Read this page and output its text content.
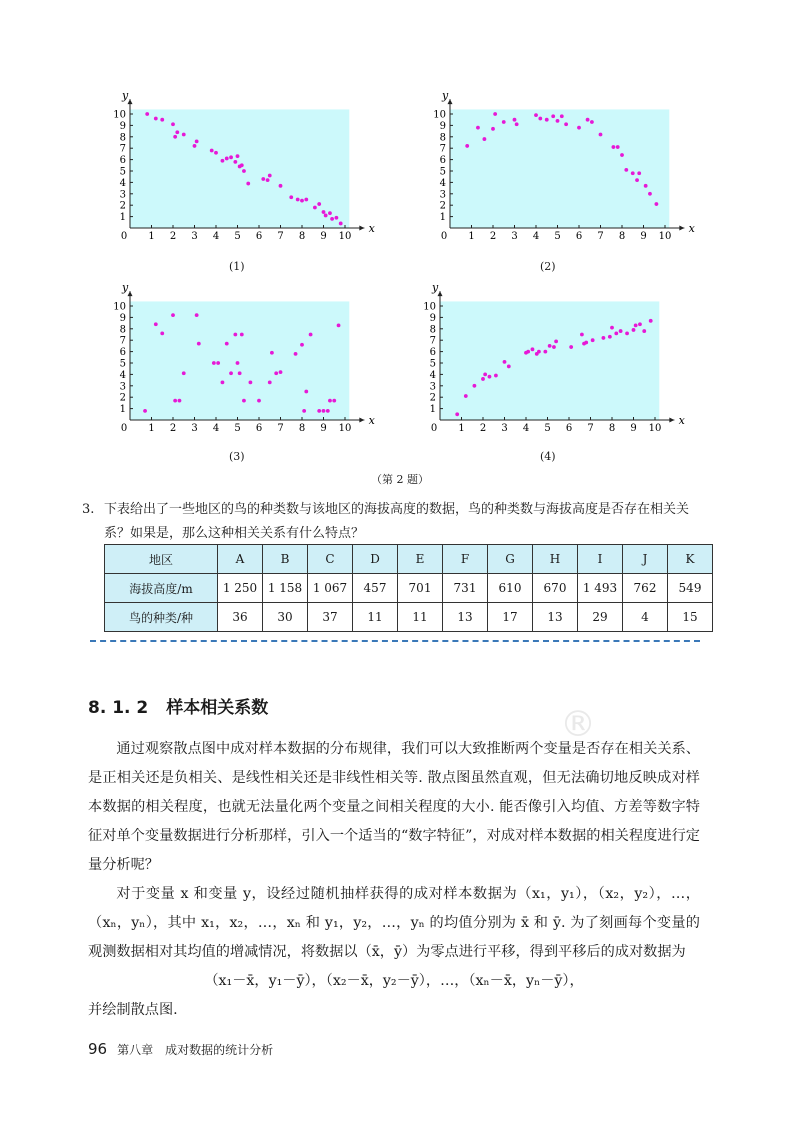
0 1
1
2
2
3
3
4
4
5
5
6
6
7
7
8
8
9
9
10
10
x
y
(1)
0 1
1
2
2
3
3
4
4
5
5
6
6
7
7
8
8
9
9
10
10
x
y
(2)
0 1
1
2
2
3
3
4
4
5
5
6
6
7
7
8
8
9
9
10
10
x
y
(3)
0 1
1
2
2
3
3
4
4
5
5
6
6
7
7
8
8
9
9
10
10
x
y
(4)
（第 2 题）
3. 下表给出了一些地区的鸟的种类数与该地区的海拔高度的数据，鸟的种类数与海拔高度是否存在相关关系？如果是，那么这种相关关系有什么特点？
地区	A	B	C	D	E	F	G	H	I	J	K
海拔高度/m	1 250	1 158	1 067	457	701	731	610	670	1 493	762	549
鸟的种类/种	36	30	37	11	11	13	17	13	29	4	15
®
8. 1. 2 样本相关系数

通过观察散点图中成对样本数据的分布规律，我们可以大致推断两个变量是否存在相关关系、是正相关还是负相关、是线性相关还是非线性相关等. 散点图虽然直观，但无法确切地反映成对样本数据的相关程度，也就无法量化两个变量之间相关程度的大小. 能否像引入均值、方差等数字特征对单个变量数据进行分析那样，引入一个适当的“数字特征”，对成对样本数据的相关程度进行定量分析呢？

对于变量 x 和变量 y，设经过随机抽样获得的成对样本数据为（x₁，y₁），（x₂，y₂），…，（xₙ，yₙ），其中 x₁，x₂，…，xₙ 和 y₁，y₂，…，yₙ 的均值分别为 x̄ 和 ȳ. 为了刻画每个变量的观测数据相对其均值的增减情况，将数据以（x̄，ȳ）为零点进行平移，得到平移后的成对数据为

（x₁－x̄，y₁－ȳ），（x₂－x̄，y₂－ȳ），…，（xₙ－x̄，yₙ－ȳ），

并绘制散点图.

96 第八章　成对数据的统计分析
